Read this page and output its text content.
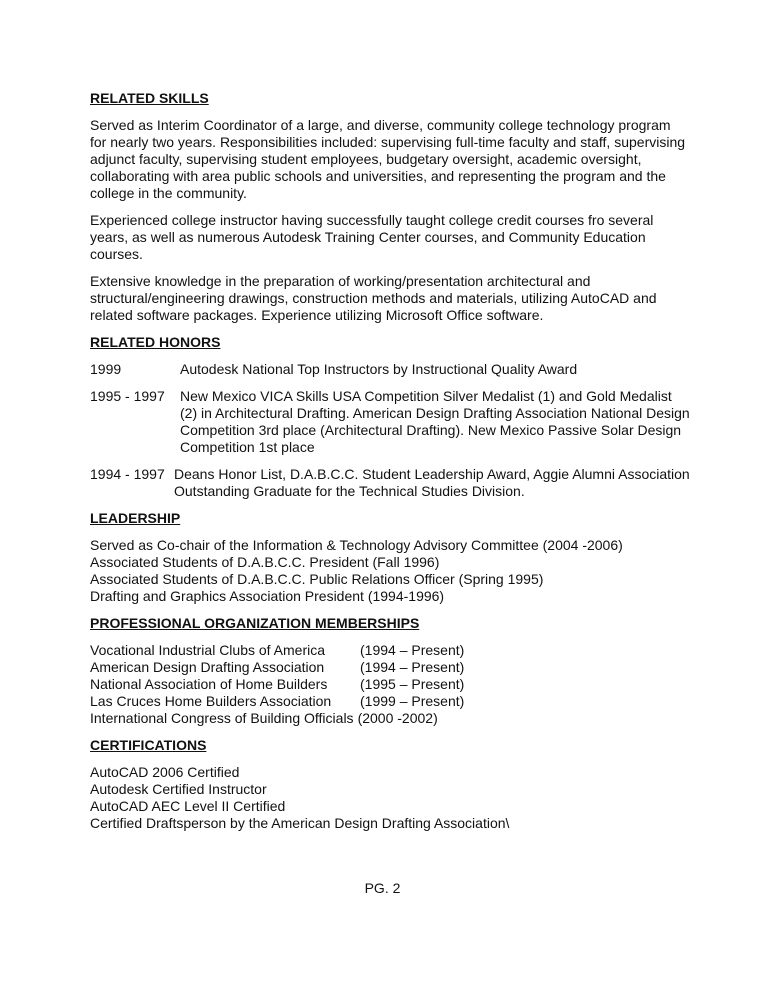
RELATED SKILLS
Served as Interim Coordinator of a large, and diverse, community college technology program for nearly two years. Responsibilities included: supervising full-time faculty and staff, supervising adjunct faculty, supervising student employees, budgetary oversight, academic oversight, collaborating with area public schools and universities, and representing the program and the college in the community.
Experienced college instructor having successfully taught college credit courses fro several years, as well as numerous Autodesk Training Center courses, and Community Education courses.
Extensive knowledge in the preparation of working/presentation architectural and structural/engineering drawings, construction methods and materials, utilizing AutoCAD and related software packages. Experience utilizing Microsoft Office software.
RELATED HONORS
1999	Autodesk National Top Instructors by Instructional Quality Award
1995 - 1997	New Mexico VICA Skills USA Competition Silver Medalist (1) and Gold Medalist (2) in Architectural Drafting. American Design Drafting Association National Design Competition 3rd place (Architectural Drafting). New Mexico Passive Solar Design Competition 1st place
1994 - 1997 Deans Honor List, D.A.B.C.C. Student Leadership Award, Aggie Alumni Association Outstanding Graduate for the Technical Studies Division.
LEADERSHIP
Served as Co-chair of the Information & Technology Advisory Committee (2004 -2006)
Associated Students of D.A.B.C.C. President (Fall 1996)
Associated Students of D.A.B.C.C. Public Relations Officer (Spring 1995)
Drafting and Graphics Association President (1994-1996)
PROFESSIONAL ORGANIZATION MEMBERSHIPS
Vocational Industrial Clubs of America	(1994 – Present)
American Design Drafting Association	(1994 – Present)
National Association of Home Builders	(1995 – Present)
Las Cruces Home Builders Association	(1999 – Present)
International Congress of Building Officials (2000 -2002)
CERTIFICATIONS
AutoCAD 2006 Certified
Autodesk Certified Instructor
AutoCAD AEC Level II Certified
Certified Draftsperson by the American Design Drafting Association\
PG. 2
